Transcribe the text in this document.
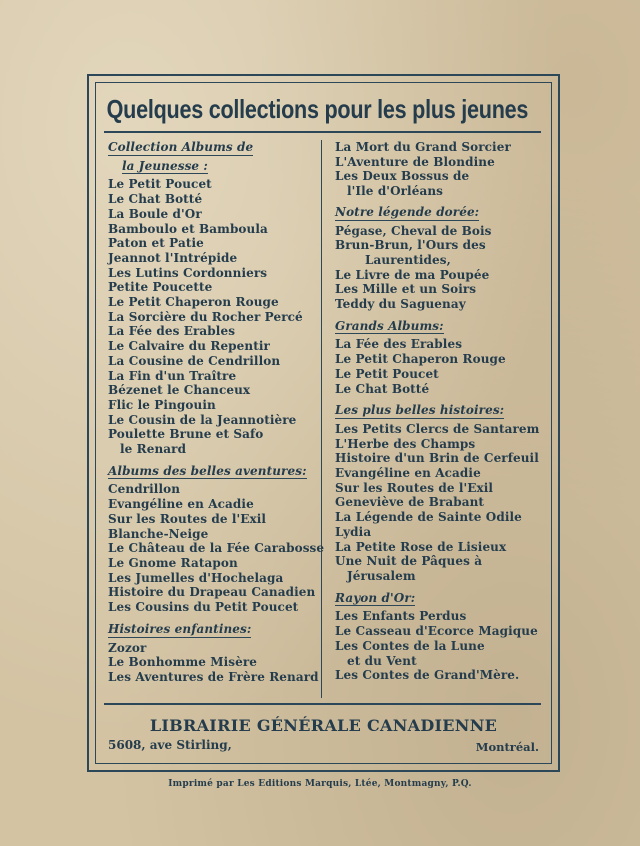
Quelques collections pour les plus jeunes
Collection Albums de
la Jeunesse :
Le Petit Poucet
Le Chat Botté
La Boule d'Or
Bamboulo et Bamboula
Paton et Patie
Jeannot l'Intrépide
Les Lutins Cordonniers
Petite Poucette
Le Petit Chaperon Rouge
La Sorcière du Rocher Percé
La Fée des Erables
Le Calvaire du Repentir
La Cousine de Cendrillon
La Fin d'un Traître
Bézenet le Chanceux
Flic le Pingouin
Le Cousin de la Jeannotière
Poulette Brune et Safo
le Renard
Albums des belles aventures:
Cendrillon
Evangéline en Acadie
Sur les Routes de l'Exil
Blanche-Neige
Le Château de la Fée Carabosse
Le Gnome Ratapon
Les Jumelles d'Hochelaga
Histoire du Drapeau Canadien
Les Cousins du Petit Poucet
Histoires enfantines:
Zozor
Le Bonhomme Misère
Les Aventures de Frère Renard
La Mort du Grand Sorcier
L'Aventure de Blondine
Les Deux Bossus de
l'Ile d'Orléans
Notre légende dorée:
Pégase, Cheval de Bois
Brun-Brun, l'Ours des
Laurentides,
Le Livre de ma Poupée
Les Mille et un Soirs
Teddy du Saguenay
Grands Albums:
La Fée des Erables
Le Petit Chaperon Rouge
Le Petit Poucet
Le Chat Botté
Les plus belles histoires:
Les Petits Clercs de Santarem
L'Herbe des Champs
Histoire d'un Brin de Cerfeuil
Evangéline en Acadie
Sur les Routes de l'Exil
Geneviève de Brabant
La Légende de Sainte Odile
Lydia
La Petite Rose de Lisieux
Une Nuit de Pâques à
Jérusalem
Rayon d'Or:
Les Enfants Perdus
Le Casseau d'Ecorce Magique
Les Contes de la Lune
et du Vent
Les Contes de Grand'Mère.
LIBRAIRIE GÉNÉRALE CANADIENNE
5608, ave Stirling,	Montréal.
Imprimé par Les Editions Marquis, Ltée, Montmagny, P.Q.
